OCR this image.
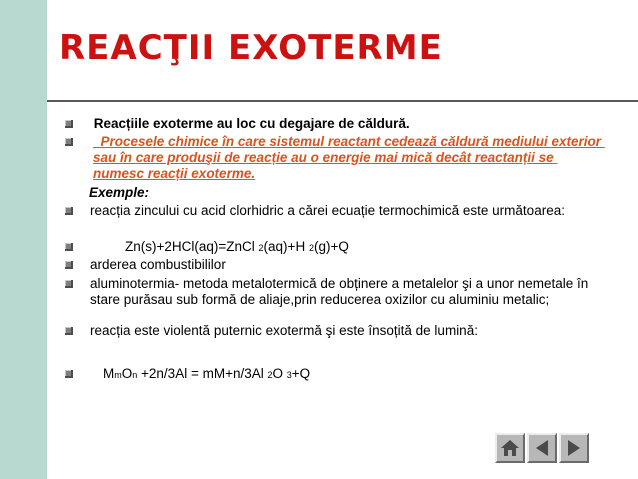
REACŢII EXOTERME
Reacțiile exoterme au loc cu degajare de căldură.
Procesele chimice în care sistemul reactant cedează căldură mediului exterior sau în care produşii de reacție au o energie mai mică decât reactanții se numesc reacții exoterme.
Exemple:
reacția zincului cu acid clorhidric a cărei ecuație termochimică este următoarea:
Zn(s)+2HCl(aq)=ZnCl 2(aq)+H 2(g)+Q
arderea combustibililor
aluminotermia- metoda metalotermică de obținere a metalelor şi a unor nemetale în stare purăsau sub formă de aliaje,prin reducerea oxizilor cu aluminiu metalic;
reacția este violentă puternic exotermă şi este însoțită de lumină:
MmOn +2n/3Al = mM+n/3Al 2O 3+Q
